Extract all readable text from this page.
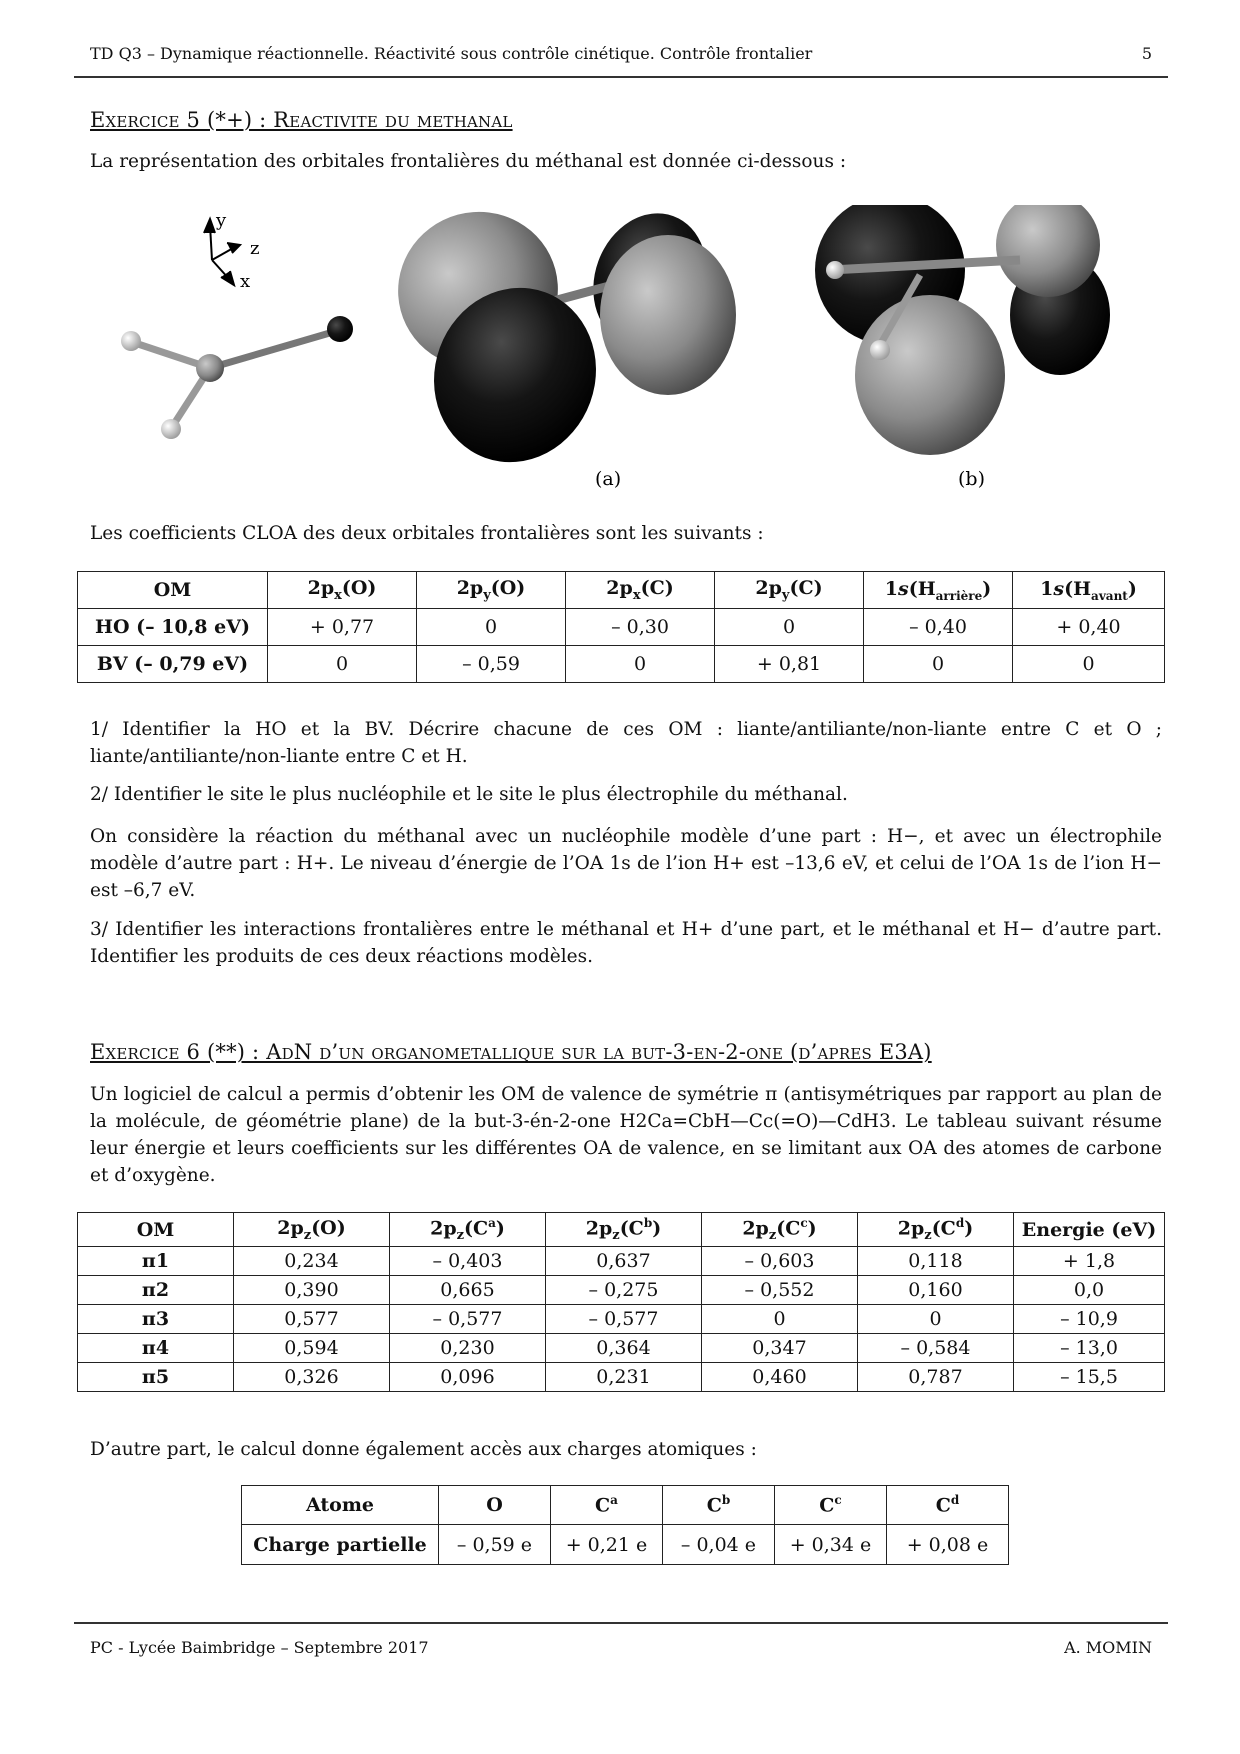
TD Q3 – Dynamique réactionnelle. Réactivité sous contrôle cinétique. Contrôle frontalier	5
Exercice 5 (*+) : Reactivite du methanal

La représentation des orbitales frontalières du méthanal est donnée ci-dessous :

y
z
x
(a)	(b)

Les coefficients CLOA des deux orbitales frontalières sont les suivants :

OM	$2p_x(O)$	$2p_y(O)$	$2p_x(C)$	$2p_y(C)$	$1s(H_{arrière})$	$1s(H_{avant})$
HO (– 10,8 eV)	+ 0,77	0	– 0,30	0	– 0,40	+ 0,40
BV (– 0,79 eV)	0	– 0,59	0	+ 0,81	0	0

1/ Identifier la HO et la BV. Décrire chacune de ces OM : liante/antiliante/non-liante entre C et O ; liante/antiliante/non-liante entre C et H.

2/ Identifier le site le plus nucléophile et le site le plus électrophile du méthanal.

On considère la réaction du méthanal avec un nucléophile modèle d’une part : H−, et avec un électrophile modèle d’autre part : H+. Le niveau d’énergie de l’OA 1s de l’ion H+ est –13,6 eV, et celui de l’OA 1s de l’ion H− est –6,7 eV.

3/ Identifier les interactions frontalières entre le méthanal et H+ d’une part, et le méthanal et H− d’autre part. Identifier les produits de ces deux réactions modèles.

Exercice 6 (**) : AdN d’un organometallique sur la but-3-en-2-one (d’apres E3A)

Un logiciel de calcul a permis d’obtenir les OM de valence de symétrie π (antisymétriques par rapport au plan de la molécule, de géométrie plane) de la but-3-én-2-one H2Ca=CbH—Cc(=O)—CdH3. Le tableau suivant résume leur énergie et leurs coefficients sur les différentes OA de valence, en se limitant aux OA des atomes de carbone et d’oxygène.

OM	$2p_z(O)$	$2p_z(C^a)$	$2p_z(C^b)$	$2p_z(C^c)$	$2p_z(C^d)$	Energie (eV)
π1	0,234	– 0,403	0,637	– 0,603	0,118	+ 1,8
π2	0,390	0,665	– 0,275	– 0,552	0,160	0,0
π3	0,577	– 0,577	– 0,577	0	0	– 10,9
π4	0,594	0,230	0,364	0,347	– 0,584	– 13,0
π5	0,326	0,096	0,231	0,460	0,787	– 15,5

D’autre part, le calcul donne également accès aux charges atomiques :

Atome	O	$C^a$	$C^b$	$C^c$	$C^d$
Charge partielle	– 0,59 e	+ 0,21 e	– 0,04 e	+ 0,34 e	+ 0,08 e
PC - Lycée Baimbridge – Septembre 2017	A. MOMIN
